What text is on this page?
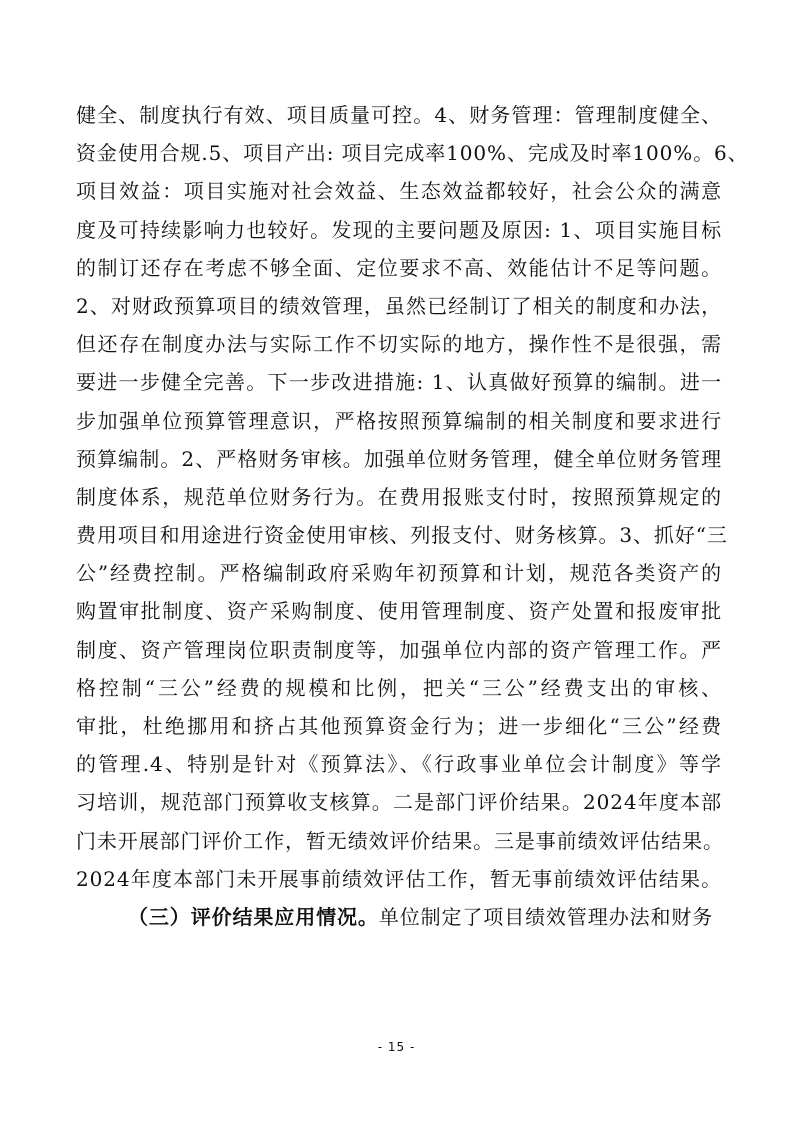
健全、制度执行有效、项目质量可控。4、财务管理：管理制度健全、
资金使用合规.5、项目产出: 项目完成率100%、完成及时率100%。6、
项目效益：项目实施对社会效益、生态效益都较好，社会公众的满意
度及可持续影响力也较好。发现的主要问题及原因: 1、项目实施目标
的制订还存在考虑不够全面、定位要求不高、效能估计不足等问题。
2、对财政预算项目的绩效管理，虽然已经制订了相关的制度和办法，
但还存在制度办法与实际工作不切实际的地方，操作性不是很强，需
要进一步健全完善。下一步改进措施: 1、认真做好预算的编制。进一
步加强单位预算管理意识，严格按照预算编制的相关制度和要求进行
预算编制。2、严格财务审核。加强单位财务管理，健全单位财务管理
制度体系，规范单位财务行为。在费用报账支付时，按照预算规定的
费用项目和用途进行资金使用审核、列报支付、财务核算。3、抓好“三
公”经费控制。严格编制政府采购年初预算和计划，规范各类资产的
购置审批制度、资产采购制度、使用管理制度、资产处置和报废审批
制度、资产管理岗位职责制度等，加强单位内部的资产管理工作。严
格控制“三公”经费的规模和比例，把关“三公”经费支出的审核、
审批，杜绝挪用和挤占其他预算资金行为；进一步细化“三公”经费
的管理.4、特别是针对《预算法》、《行政事业单位会计制度》等学
习培训，规范部门预算收支核算。二是部门评价结果。2024年度本部
门未开展部门评价工作，暂无绩效评价结果。三是事前绩效评估结果。
2024年度本部门未开展事前绩效评估工作，暂无事前绩效评估结果。
（三）评价结果应用情况。单位制定了项目绩效管理办法和财务
- 15 -
